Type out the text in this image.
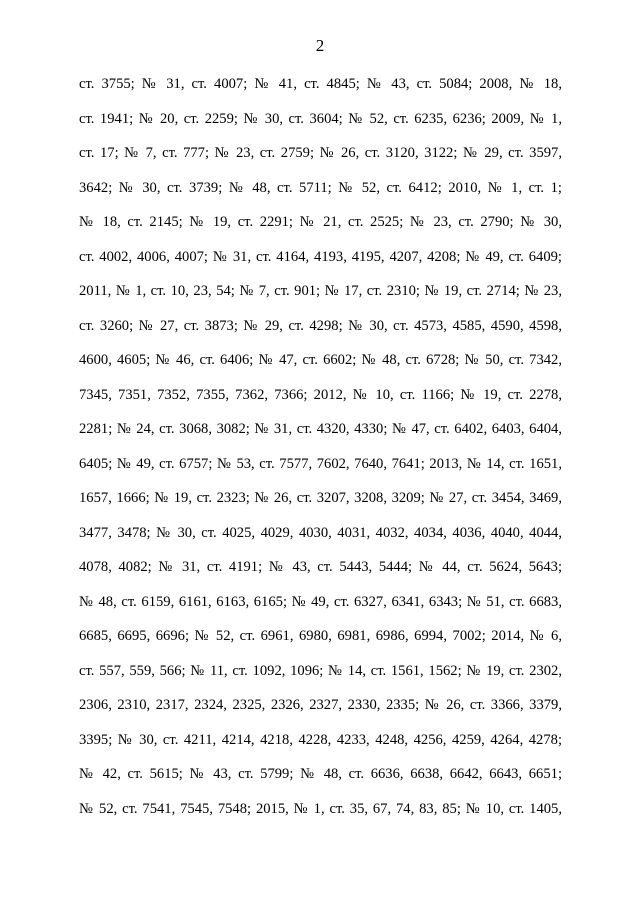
2
ст. 3755; № 31, ст. 4007; № 41, ст. 4845; № 43, ст. 5084; 2008, № 18,
ст. 1941; № 20, ст. 2259; № 30, ст. 3604; № 52, ст. 6235, 6236; 2009, № 1,
ст. 17; № 7, ст. 777; № 23, ст. 2759; № 26, ст. 3120, 3122; № 29, ст. 3597,
3642; № 30, ст. 3739; № 48, ст. 5711; № 52, ст. 6412; 2010, № 1, ст. 1;
№ 18, ст. 2145; № 19, ст. 2291; № 21, ст. 2525; № 23, ст. 2790; № 30,
ст. 4002, 4006, 4007; № 31, ст. 4164, 4193, 4195, 4207, 4208; № 49, ст. 6409;
2011, № 1, ст. 10, 23, 54; № 7, ст. 901; № 17, ст. 2310; № 19, ст. 2714; № 23,
ст. 3260; № 27, ст. 3873; № 29, ст. 4298; № 30, ст. 4573, 4585, 4590, 4598,
4600, 4605; № 46, ст. 6406; № 47, ст. 6602; № 48, ст. 6728; № 50, ст. 7342,
7345, 7351, 7352, 7355, 7362, 7366; 2012, № 10, ст. 1166; № 19, ст. 2278,
2281; № 24, ст. 3068, 3082; № 31, ст. 4320, 4330; № 47, ст. 6402, 6403, 6404,
6405; № 49, ст. 6757; № 53, ст. 7577, 7602, 7640, 7641; 2013, № 14, ст. 1651,
1657, 1666; № 19, ст. 2323; № 26, ст. 3207, 3208, 3209; № 27, ст. 3454, 3469,
3477, 3478; № 30, ст. 4025, 4029, 4030, 4031, 4032, 4034, 4036, 4040, 4044,
4078, 4082; № 31, ст. 4191; № 43, ст. 5443, 5444; № 44, ст. 5624, 5643;
№ 48, ст. 6159, 6161, 6163, 6165; № 49, ст. 6327, 6341, 6343; № 51, ст. 6683,
6685, 6695, 6696; № 52, ст. 6961, 6980, 6981, 6986, 6994, 7002; 2014, № 6,
ст. 557, 559, 566; № 11, ст. 1092, 1096; № 14, ст. 1561, 1562; № 19, ст. 2302,
2306, 2310, 2317, 2324, 2325, 2326, 2327, 2330, 2335; № 26, ст. 3366, 3379,
3395; № 30, ст. 4211, 4214, 4218, 4228, 4233, 4248, 4256, 4259, 4264, 4278;
№ 42, ст. 5615; № 43, ст. 5799; № 48, ст. 6636, 6638, 6642, 6643, 6651;
№ 52, ст. 7541, 7545, 7548; 2015, № 1, ст. 35, 67, 74, 83, 85; № 10, ст. 1405,
